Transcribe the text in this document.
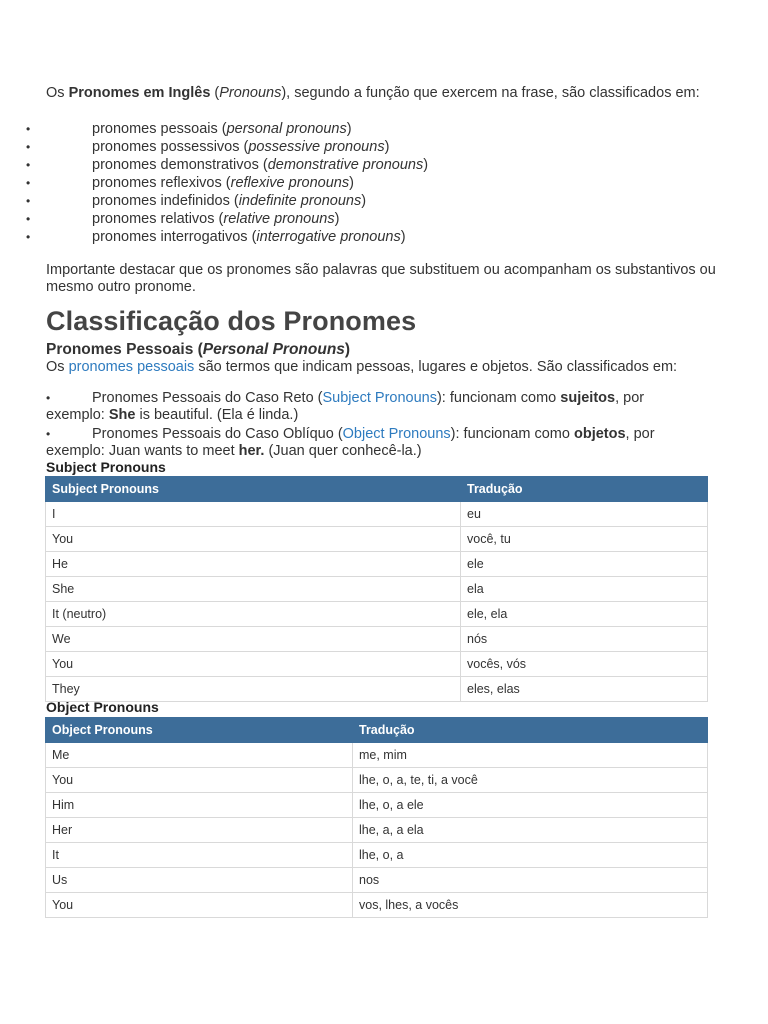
Os Pronomes em Inglês (Pronouns), segundo a função que exercem na frase, são classificados em:

•	pronomes pessoais (personal pronouns)
•	pronomes possessivos (possessive pronouns)
•	pronomes demonstrativos (demonstrative pronouns)
•	pronomes reflexivos (reflexive pronouns)
•	pronomes indefinidos (indefinite pronouns)
•	pronomes relativos (relative pronouns)
•	pronomes interrogativos (interrogative pronouns)

Importante destacar que os pronomes são palavras que substituem ou acompanham os substantivos ou mesmo outro pronome.

Classificação dos Pronomes
Pronomes Pessoais (Personal Pronouns)

Os pronomes pessoais são termos que indicam pessoas, lugares e objetos. São classificados em:

•	Pronomes Pessoais do Caso Reto (Subject Pronouns): funcionam como sujeitos, por exemplo: She is beautiful. (Ela é linda.)
•	Pronomes Pessoais do Caso Oblíquo (Object Pronouns): funcionam como objetos, por exemplo: Juan wants to meet her. (Juan quer conhecê-la.)
Subject Pronouns
Subject Pronouns	Tradução
I	eu
You	você, tu
He	ele
She	ela
It (neutro)	ele, ela
We	nós
You	vocês, vós
They	eles, elas
Object Pronouns
Object Pronouns	Tradução
Me	me, mim
You	lhe, o, a, te, ti, a você
Him	lhe, o, a ele
Her	lhe, a, a ela
It	lhe, o, a
Us	nos
You	vos, lhes, a vocês
